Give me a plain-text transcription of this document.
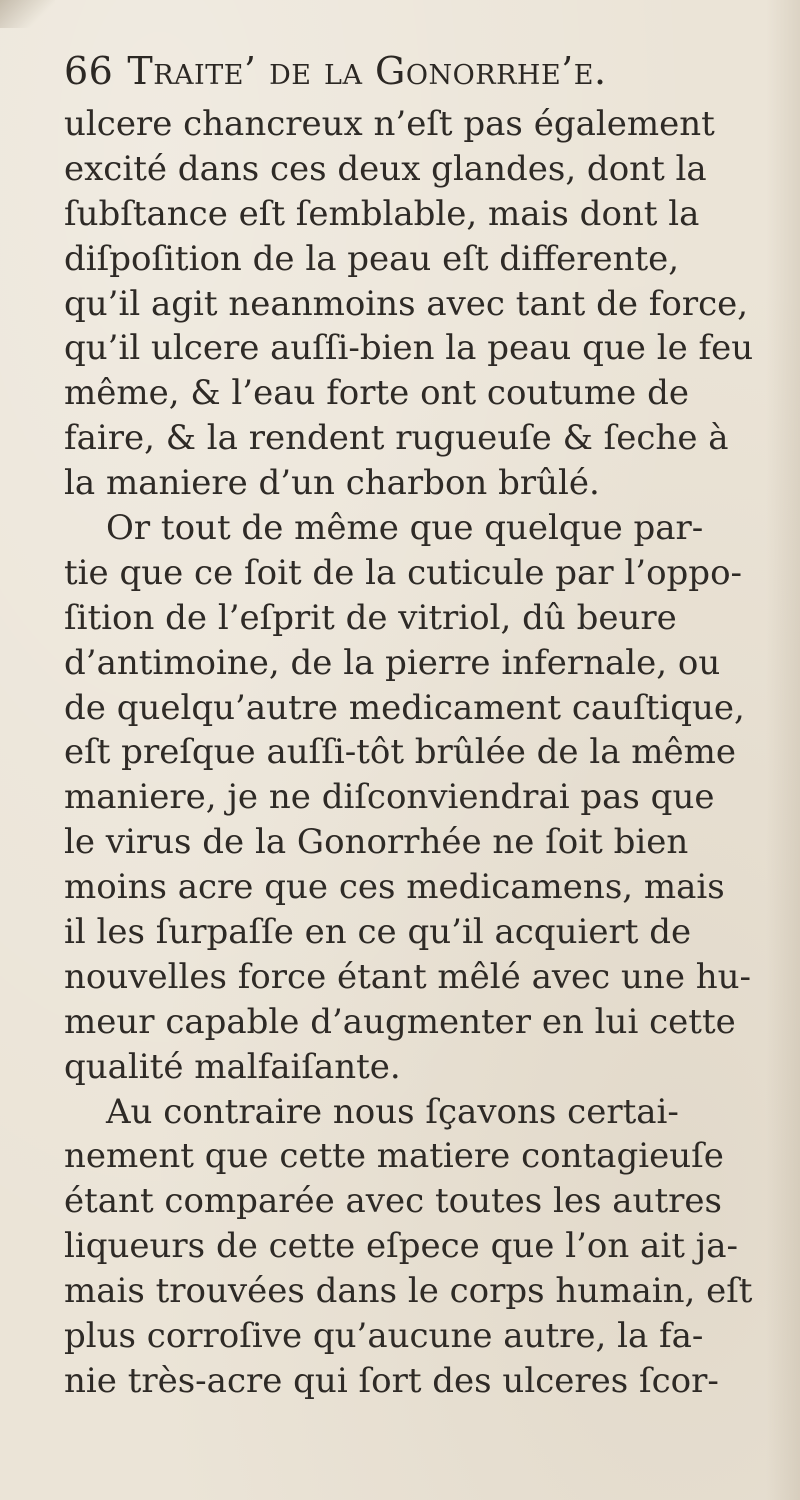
66 Traite’ de la Gonorrhe’e.
ulcere chancreux n’eſt pas également
excité dans ces deux glandes, dont la
ſubſtance eſt ſemblable, mais dont la
diſpoſition de la peau eſt differente,
qu’il agit neanmoins avec tant de force,
qu’il ulcere auſſi-bien la peau que le feu
même, & l’eau forte ont coutume de
faire, & la rendent rugueuſe & ſeche à
la maniere d’un charbon brûlé.
Or tout de même que quelque par-
tie que ce ſoit de la cuticule par l’oppo-
ſition de l’eſprit de vitriol, dû beure
d’antimoine, de la pierre infernale, ou
de quelqu’autre medicament cauſtique,
eſt preſque auſſi-tôt brûlée de la même
maniere, je ne diſconviendrai pas que
le virus de la Gonorrhée ne ſoit bien
moins acre que ces medicamens, mais
il les ſurpaſſe en ce qu’il acquiert de
nouvelles force étant mêlé avec une hu-
meur capable d’augmenter en lui cette
qualité malfaiſante.
Au contraire nous ſçavons certai-
nement que cette matiere contagieuſe
étant comparée avec toutes les autres
liqueurs de cette eſpece que l’on ait ja-
mais trouvées dans le corps humain, eſt
plus corroſive qu’aucune autre, la fa-
nie très-acre qui ſort des ulceres ſcor-
